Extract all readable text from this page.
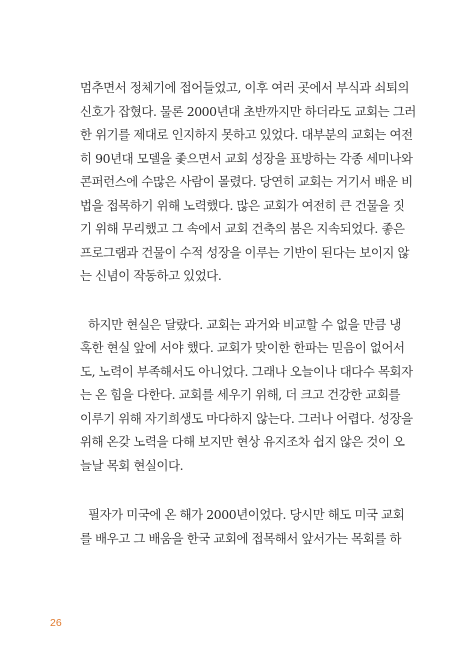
멈추면서 정체기에 접어들었고, 이후 여러 곳에서 부식과 쇠퇴의
신호가 잡혔다. 물론 2000년대 초반까지만 하더라도 교회는 그러
한 위기를 제대로 인지하지 못하고 있었다. 대부분의 교회는 여전
히 90년대 모델을 좇으면서 교회 성장을 표방하는 각종 세미나와
콘퍼런스에 수많은 사람이 몰렸다. 당연히 교회는 거기서 배운 비
법을 접목하기 위해 노력했다. 많은 교회가 여전히 큰 건물을 짓
기 위해 무리했고 그 속에서 교회 건축의 붐은 지속되었다. 좋은
프로그램과 건물이 수적 성장을 이루는 기반이 된다는 보이지 않
는 신념이 작동하고 있었다.
하지만 현실은 달랐다. 교회는 과거와 비교할 수 없을 만큼 냉
혹한 현실 앞에 서야 했다. 교회가 맞이한 한파는 믿음이 없어서
도, 노력이 부족해서도 아니었다. 그래나 오늘이나 대다수 목회자
는 온 힘을 다한다. 교회를 세우기 위해, 더 크고 건강한 교회를
이루기 위해 자기희생도 마다하지 않는다. 그러나 어렵다. 성장을
위해 온갖 노력을 다해 보지만 현상 유지조차 쉽지 않은 것이 오
늘날 목회 현실이다.
필자가 미국에 온 해가 2000년이었다. 당시만 해도 미국 교회
를 배우고 그 배움을 한국 교회에 접목해서 앞서가는 목회를 하
26
